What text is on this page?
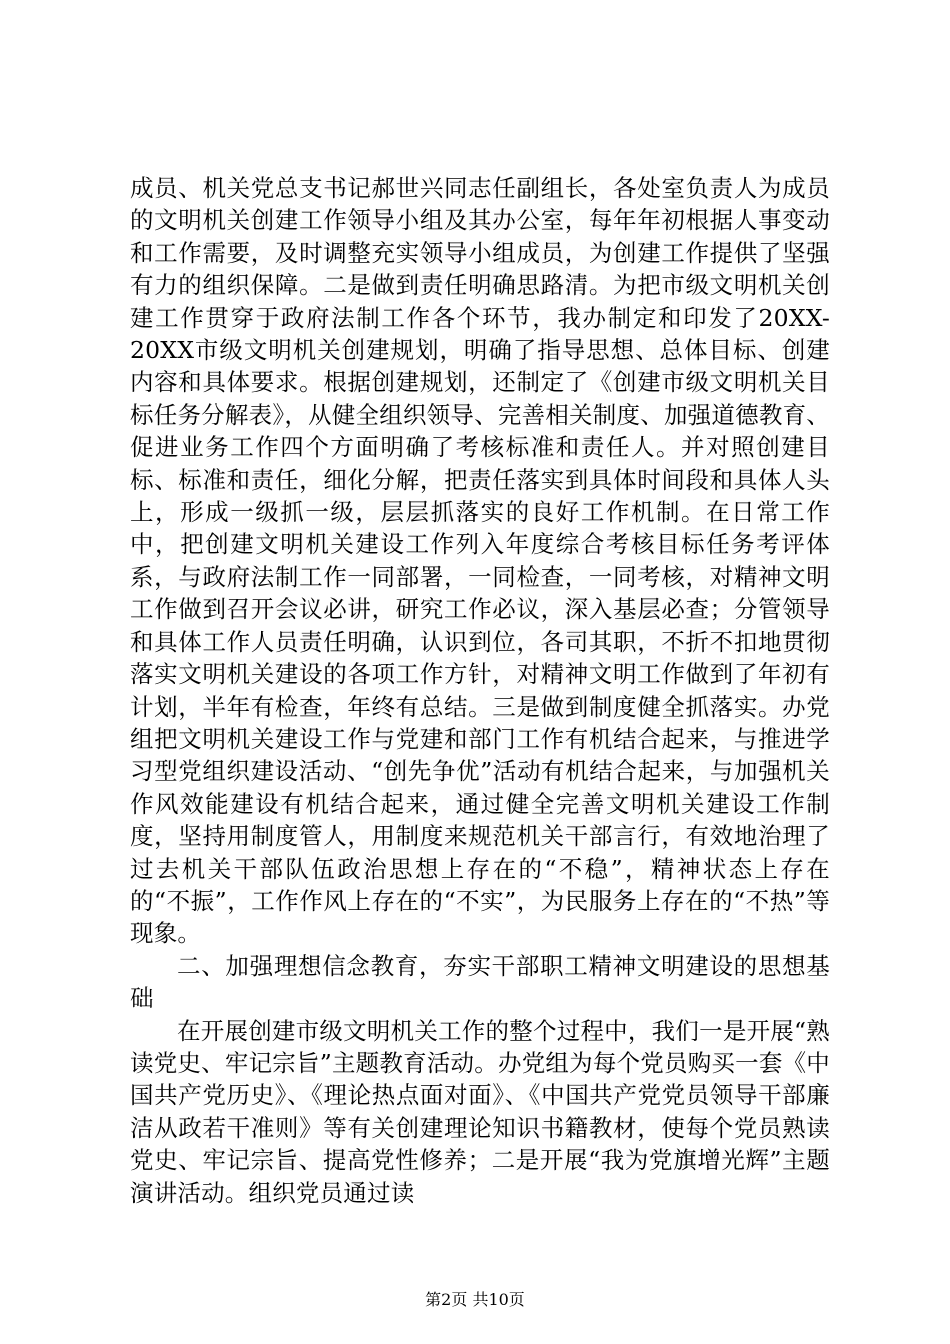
成员、机关党总支书记郝世兴同志任副组长，各处室负责人为成员的文明机关创建工作领导小组及其办公室，每年年初根据人事变动和工作需要，及时调整充实领导小组成员，为创建工作提供了坚强有力的组织保障。二是做到责任明确思路清。为把市级文明机关创建工作贯穿于政府法制工作各个环节，我办制定和印发了20XX-20XX市级文明机关创建规划，明确了指导思想、总体目标、创建内容和具体要求。根据创建规划，还制定了《创建市级文明机关目标任务分解表》，从健全组织领导、完善相关制度、加强道德教育、促进业务工作四个方面明确了考核标准和责任人。并对照创建目标、标准和责任，细化分解，把责任落实到具体时间段和具体人头上，形成一级抓一级，层层抓落实的良好工作机制。在日常工作中，把创建文明机关建设工作列入年度综合考核目标任务考评体系，与政府法制工作一同部署，一同检查，一同考核，对精神文明工作做到召开会议必讲，研究工作必议，深入基层必查；分管领导和具体工作人员责任明确，认识到位，各司其职，不折不扣地贯彻落实文明机关建设的各项工作方针，对精神文明工作做到了年初有计划，半年有检查，年终有总结。三是做到制度健全抓落实。办党组把文明机关建设工作与党建和部门工作有机结合起来，与推进学习型党组织建设活动、“创先争优”活动有机结合起来，与加强机关作风效能建设有机结合起来，通过健全完善文明机关建设工作制度，坚持用制度管人，用制度来规范机关干部言行，有效地治理了过去机关干部队伍政治思想上存在的“不稳”，精神状态上存在的“不振”，工作作风上存在的“不实”，为民服务上存在的“不热”等现象。

二、加强理想信念教育，夯实干部职工精神文明建设的思想基础

在开展创建市级文明机关工作的整个过程中，我们一是开展“熟读党史、牢记宗旨”主题教育活动。办党组为每个党员购买一套《中国共产党历史》、《理论热点面对面》、《中国共产党党员领导干部廉洁从政若干准则》等有关创建理论知识书籍教材，使每个党员熟读党史、牢记宗旨、提高党性修养；二是开展“我为党旗增光辉”主题演讲活动。组织党员通过读

第2页 共10页
